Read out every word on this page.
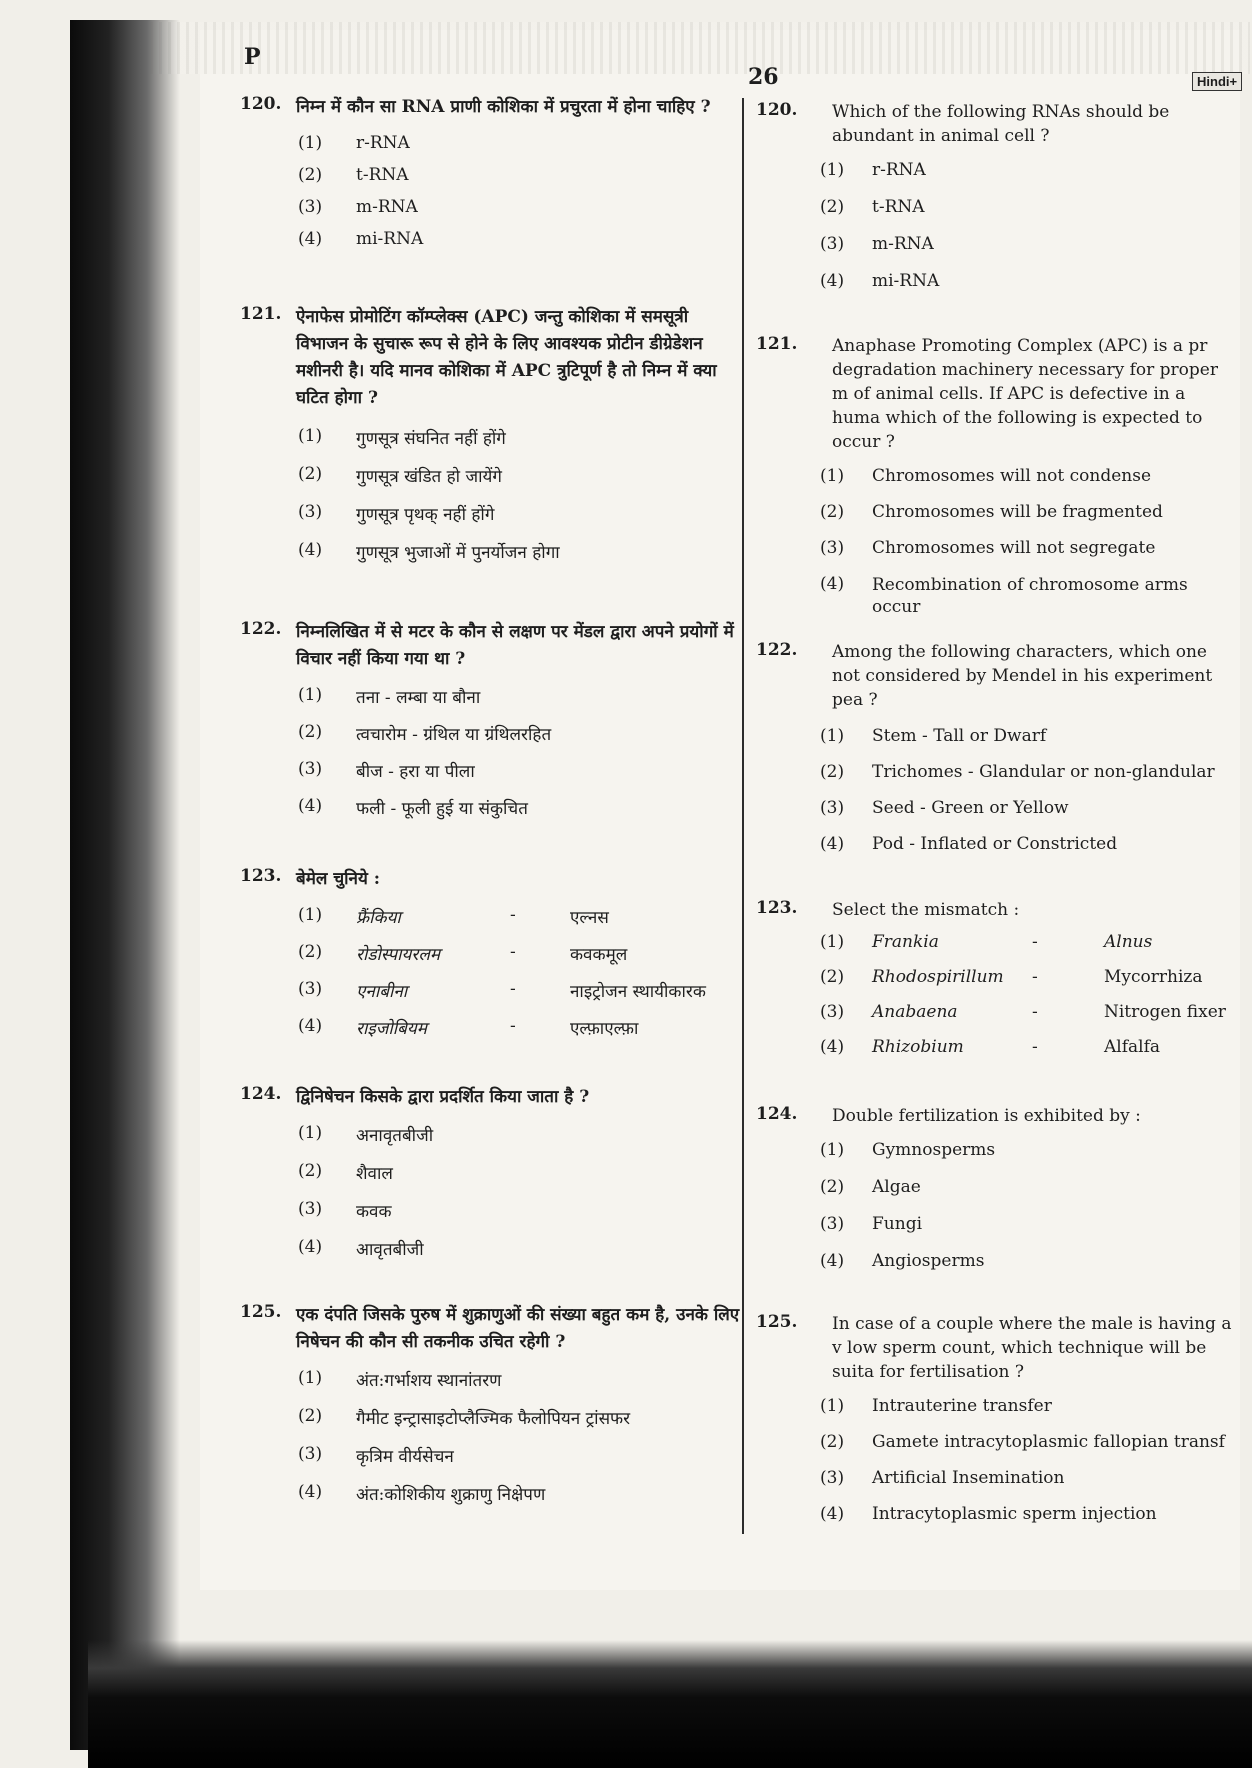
P
26	Hindi+
120. निम्न में कौन सा RNA प्राणी कोशिका में प्रचुरता में होना चाहिए ?
(1) r-RNA
(2) t-RNA
(3) m-RNA
(4) mi-RNA
121. ऐनाफेस प्रोमोटिंग कॉम्प्लेक्स (APC) जन्तु कोशिका में समसूत्री विभाजन के सुचारू रूप से होने के लिए आवश्यक प्रोटीन डीग्रेडेशन मशीनरी है। यदि मानव कोशिका में APC त्रुटिपूर्ण है तो निम्न में क्या घटित होगा ?
(1) गुणसूत्र संघनित नहीं होंगे
(2) गुणसूत्र खंडित हो जायेंगे
(3) गुणसूत्र पृथक् नहीं होंगे
(4) गुणसूत्र भुजाओं में पुनर्योजन होगा
122. निम्नलिखित में से मटर के कौन से लक्षण पर मेंडल द्वारा अपने प्रयोगों में विचार नहीं किया गया था ?
(1) तना - लम्बा या बौना
(2) त्वचारोम - ग्रंथिल या ग्रंथिलरहित
(3) बीज - हरा या पीला
(4) फली - फूली हुई या संकुचित
123. बेमेल चुनिये :
(1) फ्रैंकिया	-	एल्नस
(2) रोडोस्पायरलम	-	कवकमूल
(3) एनाबीना	-	नाइट्रोजन स्थायीकारक
(4) राइजोबियम	-	एल्फ़ाएल्फ़ा
124. द्विनिषेचन किसके द्वारा प्रदर्शित किया जाता है ?
(1) अनावृतबीजी
(2) शैवाल
(3) कवक
(4) आवृतबीजी
125. एक दंपति जिसके पुरुष में शुक्राणुओं की संख्या बहुत कम है, उनके लिए निषेचन की कौन सी तकनीक उचित रहेगी ?
(1) अंत:गर्भाशय स्थानांतरण
(2) गैमीट इन्ट्रासाइटोप्लैज्मिक फैलोपियन ट्रांसफर
(3) कृत्रिम वीर्यसेचन
(4) अंत:कोशिकीय शुक्राणु निक्षेपण
120. Which of the following RNAs should be abundant in animal cell ?
(1) r-RNA
(2) t-RNA
(3) m-RNA
(4) mi-RNA
121. Anaphase Promoting Complex (APC) is a pr degradation machinery necessary for proper m of animal cells. If APC is defective in a huma which of the following is expected to occur ?
(1) Chromosomes will not condense
(2) Chromosomes will be fragmented
(3) Chromosomes will not segregate
(4) Recombination of chromosome arms occur
122. Among the following characters, which one not considered by Mendel in his experiment pea ?
(1) Stem - Tall or Dwarf
(2) Trichomes - Glandular or non-glandular
(3) Seed - Green or Yellow
(4) Pod - Inflated or Constricted
123. Select the mismatch :
(1) Frankia	-	Alnus
(2) Rhodospirillum -	Mycorrhiza
(3) Anabaena	-	Nitrogen fixer
(4) Rhizobium	-	Alfalfa
124. Double fertilization is exhibited by :
(1) Gymnosperms
(2) Algae
(3) Fungi
(4) Angiosperms
125. In case of a couple where the male is having a v low sperm count, which technique will be suita for fertilisation ?
(1) Intrauterine transfer
(2) Gamete intracytoplasmic fallopian transf
(3) Artificial Insemination
(4) Intracytoplasmic sperm injection
